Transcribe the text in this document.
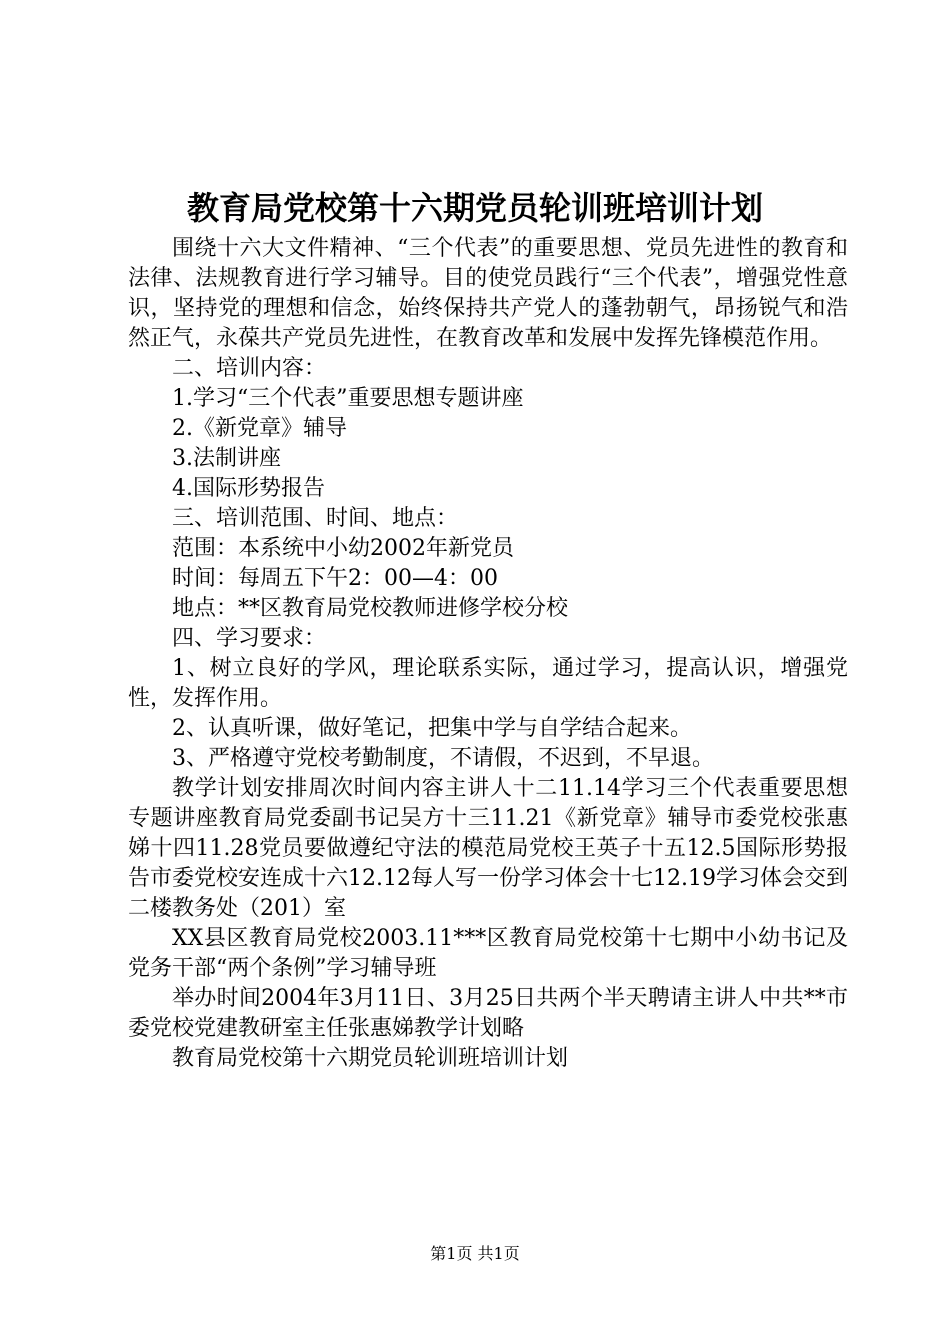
教育局党校第十六期党员轮训班培训计划

围绕十六大文件精神、“三个代表”的重要思想、党员先进性的教育和法律、法规教育进行学习辅导。目的使党员践行“三个代表”，增强党性意识，坚持党的理想和信念，始终保持共产党人的蓬勃朝气，昂扬锐气和浩然正气，永葆共产党员先进性，在教育改革和发展中发挥先锋模范作用。

二、培训内容：

1.学习“三个代表”重要思想专题讲座

2.《新党章》辅导

3.法制讲座

4.国际形势报告

三、培训范围、时间、地点：

范围：本系统中小幼2002年新党员

时间：每周五下午2：00—4：00

地点：**区教育局党校教师进修学校分校

四、学习要求：

1、树立良好的学风，理论联系实际，通过学习，提高认识，增强党性，发挥作用。

2、认真听课，做好笔记，把集中学与自学结合起来。

3、严格遵守党校考勤制度，不请假，不迟到，不早退。

教学计划安排周次时间内容主讲人十二11.14学习三个代表重要思想专题讲座教育局党委副书记吴方十三11.21《新党章》辅导市委党校张惠娣十四11.28党员要做遵纪守法的模范局党校王英子十五12.5国际形势报告市委党校安连成十六12.12每人写一份学习体会十七12.19学习体会交到二楼教务处（201）室

XX县区教育局党校2003.11***区教育局党校第十七期中小幼书记及党务干部“两个条例”学习辅导班

举办时间2004年3月11日、3月25日共两个半天聘请主讲人中共**市委党校党建教研室主任张惠娣教学计划略

教育局党校第十六期党员轮训班培训计划

第1页 共1页
